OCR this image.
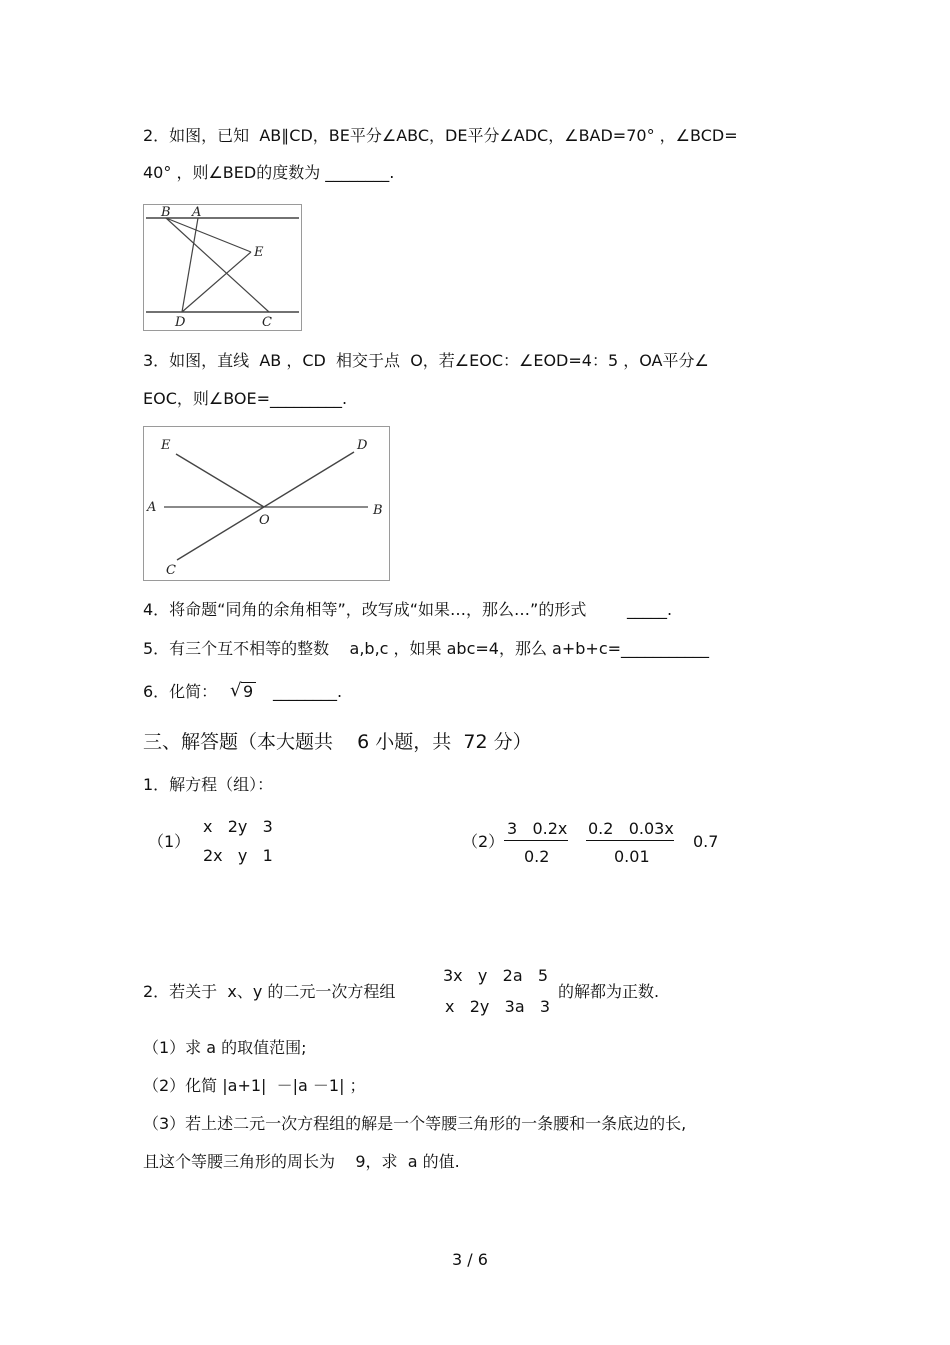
2．如图，已知  AB∥CD，BE平分∠ABC，DE平分∠ADC，∠BAD=70° ，∠BCD=
40° ，则∠BED的度数为 ________.
B A
E
D	C
3．如图，直线  AB ，CD  相交于点  O，若∠EOC：∠EOD=4：5 ，OA平分∠
EOC，则∠BOE=_________.
E	D
A	B
O
C
4．将命题“同角的余角相等”，改写成“如果…，那么…”的形式        _____.
5．有三个互不相等的整数    a,b,c ，如果 abc=4，那么 a+b+c=___________
6．化简： √ 9 ________.
三、解答题（本大题共    6 小题，共  72 分）
1．解方程（组）：
（1）
x   2y   3
2x   y   1
（2）
3   0.2x
0.2
0.2   0.03x
0.01
0.7
2．若关于  x、y 的二元一次方程组
3x   y   2a   5
x   2y   3a   3
的解都为正数.
（1）求 a 的取值范围;
（2）化简 |a+1|  －|a －1| ；
（3）若上述二元一次方程组的解是一个等腰三角形的一条腰和一条底边的长,
且这个等腰三角形的周长为    9，求  a 的值.
3 / 6
